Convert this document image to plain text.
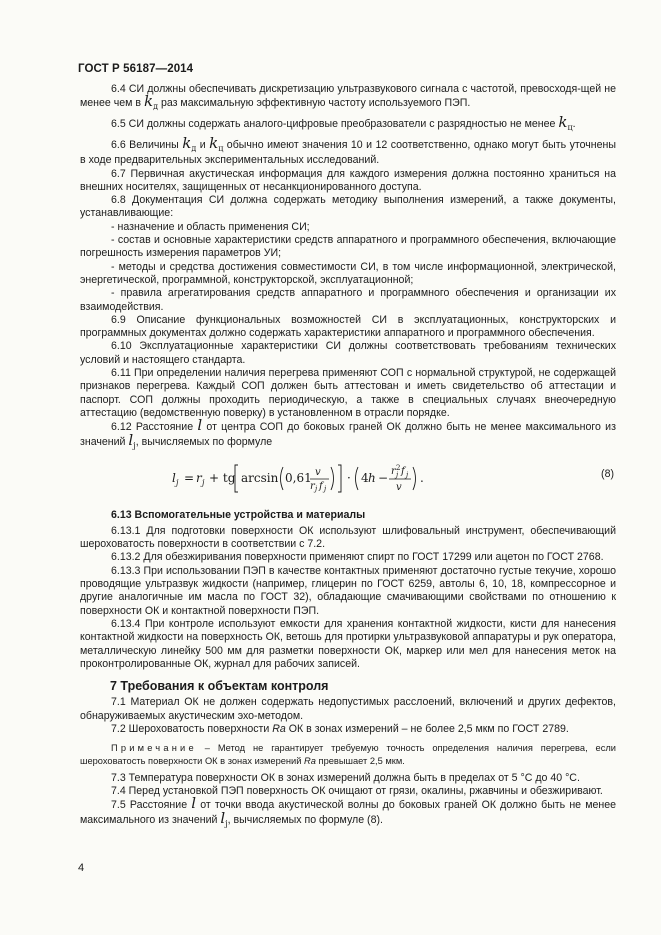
ГОСТ Р 56187—2014

6.4 СИ должны обеспечивать дискретизацию ультразвукового сигнала с частотой, превосходя-щей не менее чем в $k_д$ раз максимальную эффективную частоту используемого ПЭП.

6.5 СИ должны содержать аналого-цифровые преобразователи с разрядностью не менее $k_ц$.

6.6 Величины $k_д$ и $k_ц$ обычно имеют значения 10 и 12 соответственно, однако могут быть уточнены в ходе предварительных экспериментальных исследований.

6.7 Первичная акустическая информация для каждого измерения должна постоянно храниться на внешних носителях, защищенных от несанкционированного доступа.

6.8 Документация СИ должна содержать методику выполнения измерений, а также документы, устанавливающие:

- назначение и область применения СИ;

- состав и основные характеристики средств аппаратного и программного обеспечения, включающие погрешность измерения параметров УИ;

- методы и средства достижения совместимости СИ, в том числе информационной, электрической, энергетической, программной, конструкторской, эксплуатационной;

- правила агрегатирования средств аппаратного и программного обеспечения и организации их взаимодействия.

6.9 Описание функциональных возможностей СИ в эксплуатационных, конструкторских и программных документах должно содержать характеристики аппаратного и программного обеспечения.

6.10 Эксплуатационные характеристики СИ должны соответствовать требованиям технических условий и настоящего стандарта.

6.11 При определении наличия перегрева применяют СОП с нормальной структурой, не содержащей признаков перегрева. Каждый СОП должен быть аттестован и иметь свидетельство об аттестации и паспорт. СОП должны проходить периодическую, а также в специальных случаях внеочередную аттестацию (ведомственную поверку) в установленном в отрасли порядке.

6.12 Расстояние l от центра СОП до боковых граней ОК должно быть не менее максимального из значений $l_j$, вычисляемых по формуле

l j = r j + tg arcsin 0,61 v
r j f j
· 4 h − r 2
j f j
v
.	(8)

6.13 Вспомогательные устройства и материалы

6.13.1 Для подготовки поверхности ОК используют шлифовальный инструмент, обеспечивающий шероховатость поверхности в соответствии с 7.2.

6.13.2 Для обезжиривания поверхности применяют спирт по ГОСТ 17299 или ацетон по ГОСТ 2768.

6.13.3 При использовании ПЭП в качестве контактных применяют достаточно густые текучие, хорошо проводящие ультразвук жидкости (например, глицерин по ГОСТ 6259, автолы 6, 10, 18, компрессорное и другие аналогичные им масла по ГОСТ 32), обладающие смачивающими свойствами по отношению к поверхности ОК и контактной поверхности ПЭП.

6.13.4 При контроле используют емкости для хранения контактной жидкости, кисти для нанесения контактной жидкости на поверхность ОК, ветошь для протирки ультразвуковой аппаратуры и рук оператора, металлическую линейку 500 мм для разметки поверхности ОК, маркер или мел для нанесения меток на проконтролированные ОК, журнал для рабочих записей.

7 Требования к объектам контроля

7.1 Материал ОК не должен содержать недопустимых расслоений, включений и других дефектов, обнаруживаемых акустическим эхо-методом.

7.2 Шероховатость поверхности Ra ОК в зонах измерений – не более 2,5 мкм по ГОСТ 2789.

Примечание – Метод не гарантирует требуемую точность определения наличия перегрева, если шероховатость поверхности ОК в зонах измерений Ra превышает 2,5 мкм.

7.3 Температура поверхности ОК в зонах измерений должна быть в пределах от 5 °С до 40 °С.

7.4 Перед установкой ПЭП поверхность ОК очищают от грязи, окалины, ржавчины и обезжиривают.

7.5 Расстояние l от точки ввода акустической волны до боковых граней ОК должно быть не менее максимального из значений $l_j$, вычисляемых по формуле (8).

4
